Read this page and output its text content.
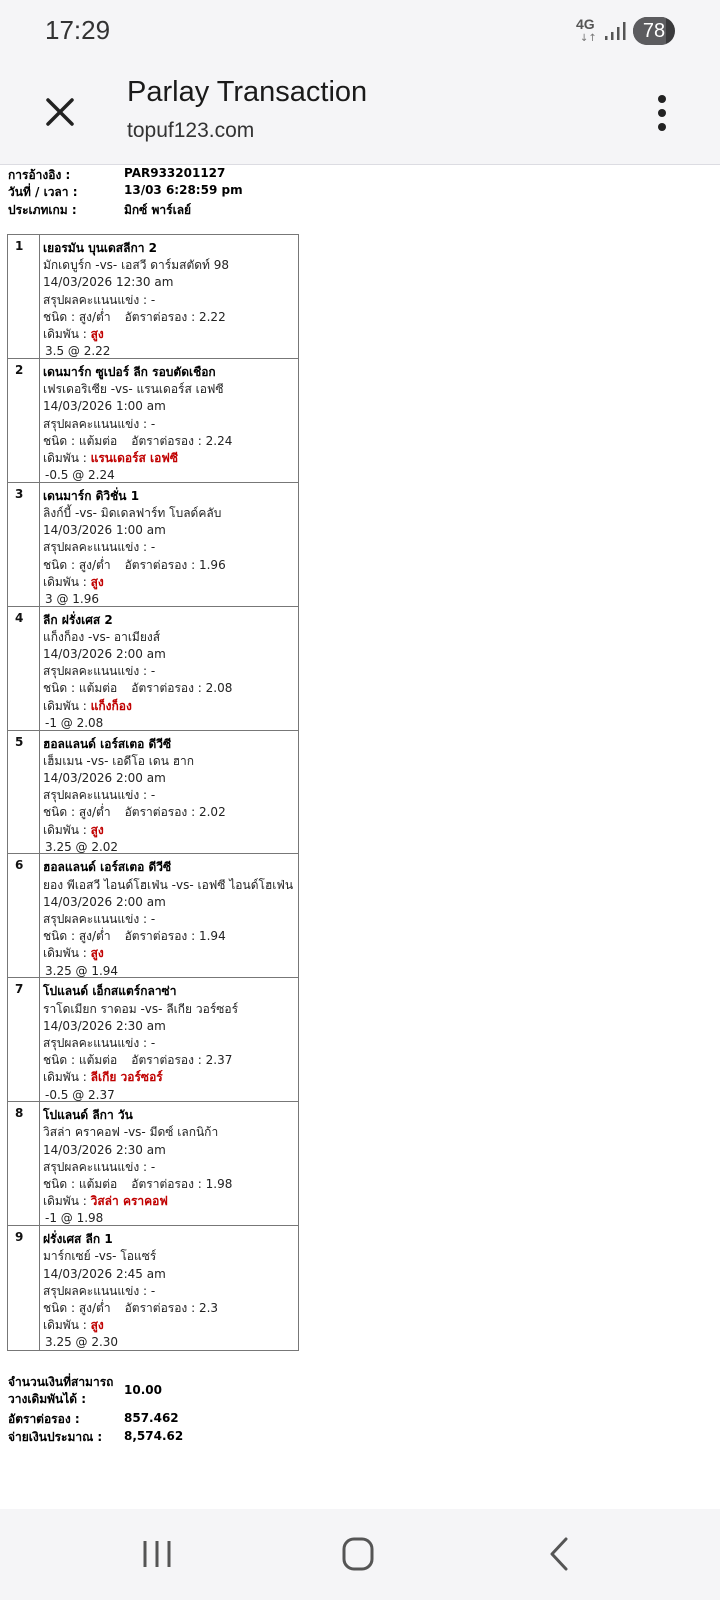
17:29	4G
↓↑	78
Parlay Transaction
topuf123.com
การอ้างอิง :	PAR933201127
วันที่ / เวลา :	13/03 6:28:59 pm
ประเภทเกม :	มิกซ์ พาร์เลย์
1	เยอรมัน บุนเดสลีกา 2
มักเดบูร์ก -vs- เอสวี ดาร์มสตัดท์ 98
14/03/2026 12:30 am
สรุปผลคะแนนแข่ง : -
ชนิด : สูง/ต่ำ อัตราต่อรอง : 2.22
เดิมพัน : สูง
3.5 @ 2.22
2	เดนมาร์ก ซูเปอร์ ลีก รอบตัดเชือก
เฟรเดอริเซีย -vs- แรนเดอร์ส เอฟซี
14/03/2026 1:00 am
สรุปผลคะแนนแข่ง : -
ชนิด : แต้มต่อ อัตราต่อรอง : 2.24
เดิมพัน : แรนเดอร์ส เอฟซี
-0.5 @ 2.24
3	เดนมาร์ก ดิวิชั่น 1
ลิงก์บี้ -vs- มิดเดลฟาร์ท โบลด์คลับ
14/03/2026 1:00 am
สรุปผลคะแนนแข่ง : -
ชนิด : สูง/ต่ำ อัตราต่อรอง : 1.96
เดิมพัน : สูง
3 @ 1.96
4	ลีก ฝรั่งเศส 2
แก็งก็อง -vs- อาเมียงส์
14/03/2026 2:00 am
สรุปผลคะแนนแข่ง : -
ชนิด : แต้มต่อ อัตราต่อรอง : 2.08
เดิมพัน : แก็งก็อง
-1 @ 2.08
5	ฮอลแลนด์ เอร์สเตอ ดีวีซี
เฮ็มเมน -vs- เอดีโอ เดน ฮาก
14/03/2026 2:00 am
สรุปผลคะแนนแข่ง : -
ชนิด : สูง/ต่ำ อัตราต่อรอง : 2.02
เดิมพัน : สูง
3.25 @ 2.02
6	ฮอลแลนด์ เอร์สเตอ ดีวีซี
ยอง พีเอสวี ไอนด์โฮเฟ่น -vs- เอฟซี ไอนด์โฮเฟ่น
14/03/2026 2:00 am
สรุปผลคะแนนแข่ง : -
ชนิด : สูง/ต่ำ อัตราต่อรอง : 1.94
เดิมพัน : สูง
3.25 @ 1.94
7	โปแลนด์ เอ็กสแตร์กลาซ่า
ราโดเมียก ราดอม -vs- ลีเกีย วอร์ซอร์
14/03/2026 2:30 am
สรุปผลคะแนนแข่ง : -
ชนิด : แต้มต่อ อัตราต่อรอง : 2.37
เดิมพัน : ลีเกีย วอร์ซอร์
-0.5 @ 2.37
8	โปแลนด์ ลีกา วัน
วิสล่า คราคอฟ -vs- มีดซ์ เลกนิก้า
14/03/2026 2:30 am
สรุปผลคะแนนแข่ง : -
ชนิด : แต้มต่อ อัตราต่อรอง : 1.98
เดิมพัน : วิสล่า คราคอฟ
-1 @ 1.98
9	ฝรั่งเศส ลีก 1
มาร์กเซย์ -vs- โอแซร์
14/03/2026 2:45 am
สรุปผลคะแนนแข่ง : -
ชนิด : สูง/ต่ำ อัตราต่อรอง : 2.3
เดิมพัน : สูง
3.25 @ 2.30
จำนวนเงินที่สามารถ
วางเดิมพันได้ :
10.00
อัตราต่อรอง :	857.462
จ่ายเงินประมาณ :	8,574.62
